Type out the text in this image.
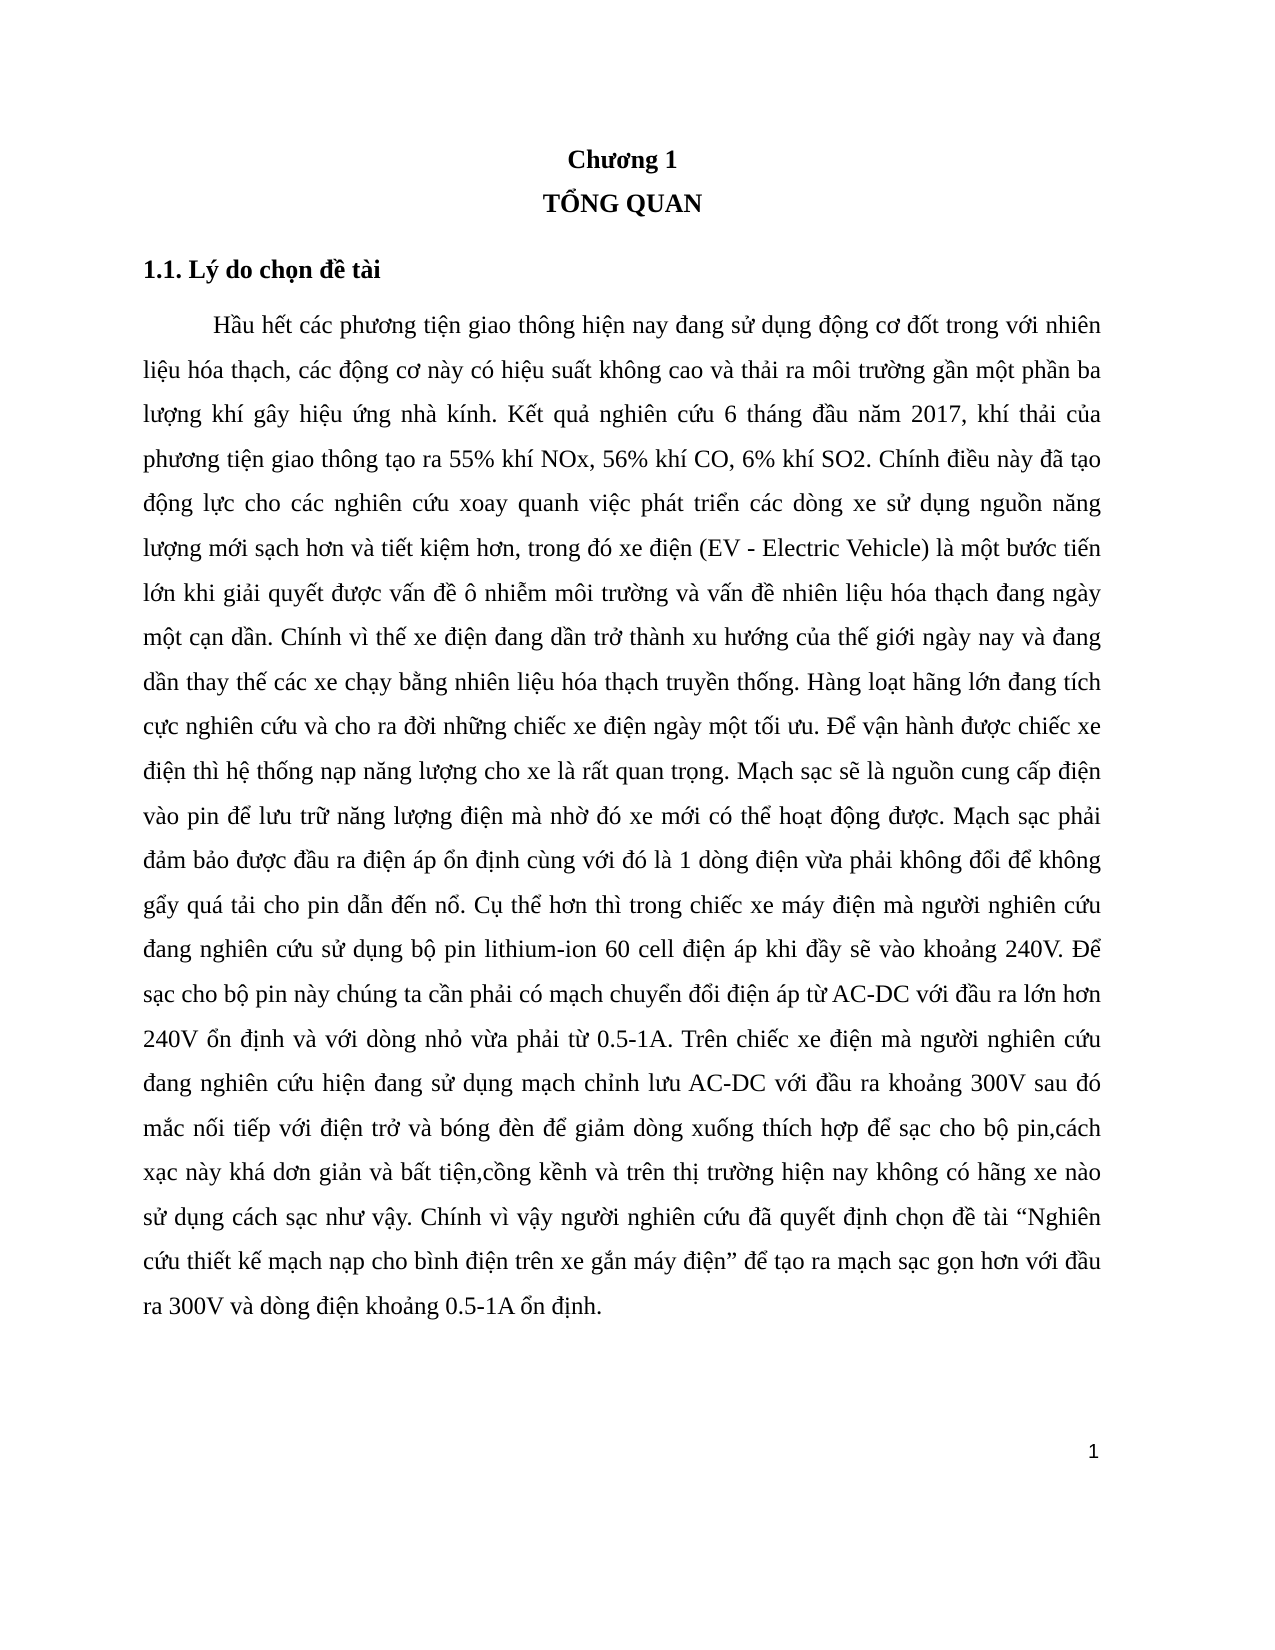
Chương 1
TỔNG QUAN
1.1. Lý do chọn đề tài

Hầu hết các phương tiện giao thông hiện nay đang sử dụng động cơ đốt trong với nhiên liệu hóa thạch, các động cơ này có hiệu suất không cao và thải ra môi trường gần một phần ba lượng khí gây hiệu ứng nhà kính. Kết quả nghiên cứu 6 tháng đầu năm 2017, khí thải của phương tiện giao thông tạo ra 55% khí NOx, 56% khí CO, 6% khí SO2. Chính điều này đã tạo động lực cho các nghiên cứu xoay quanh việc phát triển các dòng xe sử dụng nguồn năng lượng mới sạch hơn và tiết kiệm hơn, trong đó xe điện (EV - Electric Vehicle) là một bước tiến lớn khi giải quyết được vấn đề ô nhiễm môi trường và vấn đề nhiên liệu hóa thạch đang ngày một cạn dần. Chính vì thế xe điện đang dần trở thành xu hướng của thế giới ngày nay và đang dần thay thế các xe chạy bằng nhiên liệu hóa thạch truyền thống. Hàng loạt hãng lớn đang tích cực nghiên cứu và cho ra đời những chiếc xe điện ngày một tối ưu. Để vận hành được chiếc xe điện thì hệ thống nạp năng lượng cho xe là rất quan trọng. Mạch sạc sẽ là nguồn cung cấp điện vào pin để lưu trữ năng lượng điện mà nhờ đó xe mới có thể hoạt động được. Mạch sạc phải đảm bảo được đầu ra điện áp ổn định cùng với đó là 1 dòng điện vừa phải không đổi để không gẩy quá tải cho pin dẫn đến nổ. Cụ thể hơn thì trong chiếc xe máy điện mà người nghiên cứu đang nghiên cứu sử dụng bộ pin lithium-ion 60 cell điện áp khi đầy sẽ vào khoảng 240V. Để sạc cho bộ pin này chúng ta cần phải có mạch chuyển đổi điện áp từ AC-DC với đầu ra lớn hơn 240V ổn định và với dòng nhỏ vừa phải từ 0.5-1A. Trên chiếc xe điện mà người nghiên cứu đang nghiên cứu hiện đang sử dụng mạch chỉnh lưu AC-DC với đầu ra khoảng 300V sau đó mắc nối tiếp với điện trở và bóng đèn để giảm dòng xuống thích hợp để sạc cho bộ pin,cách xạc này khá dơn giản và bất tiện,cồng kềnh và trên thị trường hiện nay không có hãng xe nào sử dụng cách sạc như vậy. Chính vì vậy người nghiên cứu đã quyết định chọn đề tài “Nghiên cứu thiết kế mạch nạp cho bình điện trên xe gắn máy điện” để tạo ra mạch sạc gọn hơn với đầu ra 300V và dòng điện khoảng 0.5-1A ổn định.

1
